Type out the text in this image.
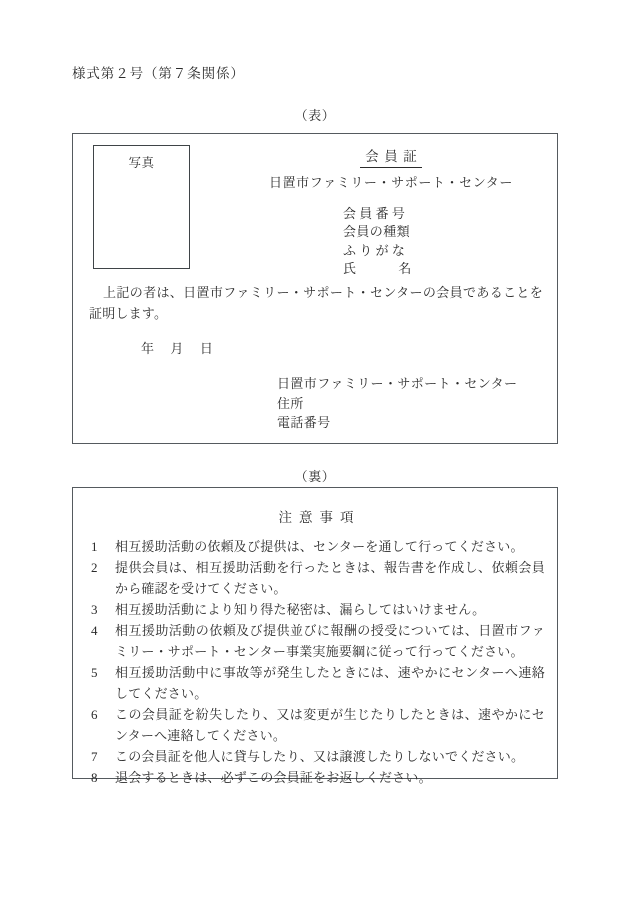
様式第２号（第７条関係）
（表）
写真	会員証
日置市ファミリー・サポート・センター
会員番号
会員の種類
ふりがな
氏	名
上記の者は、日置市ファミリー・サポート・センターの会員であることを証明します。
年 月 日
日置市ファミリー・サポート・センター
住所
電話番号
（裏）
注意事項
1	相互援助活動の依頼及び提供は、センターを通して行ってください。
2	提供会員は、相互援助活動を行ったときは、報告書を作成し、依頼会員から確認を受けてください。
3	相互援助活動により知り得た秘密は、漏らしてはいけません。
4	相互援助活動の依頼及び提供並びに報酬の授受については、日置市ファミリー・サポート・センター事業実施要綱に従って行ってください。
5	相互援助活動中に事故等が発生したときには、速やかにセンターへ連絡してください。
6	この会員証を紛失したり、又は変更が生じたりしたときは、速やかにセンターへ連絡してください。
7	この会員証を他人に貸与したり、又は譲渡したりしないでください。
8	退会するときは、必ずこの会員証をお返しください。
